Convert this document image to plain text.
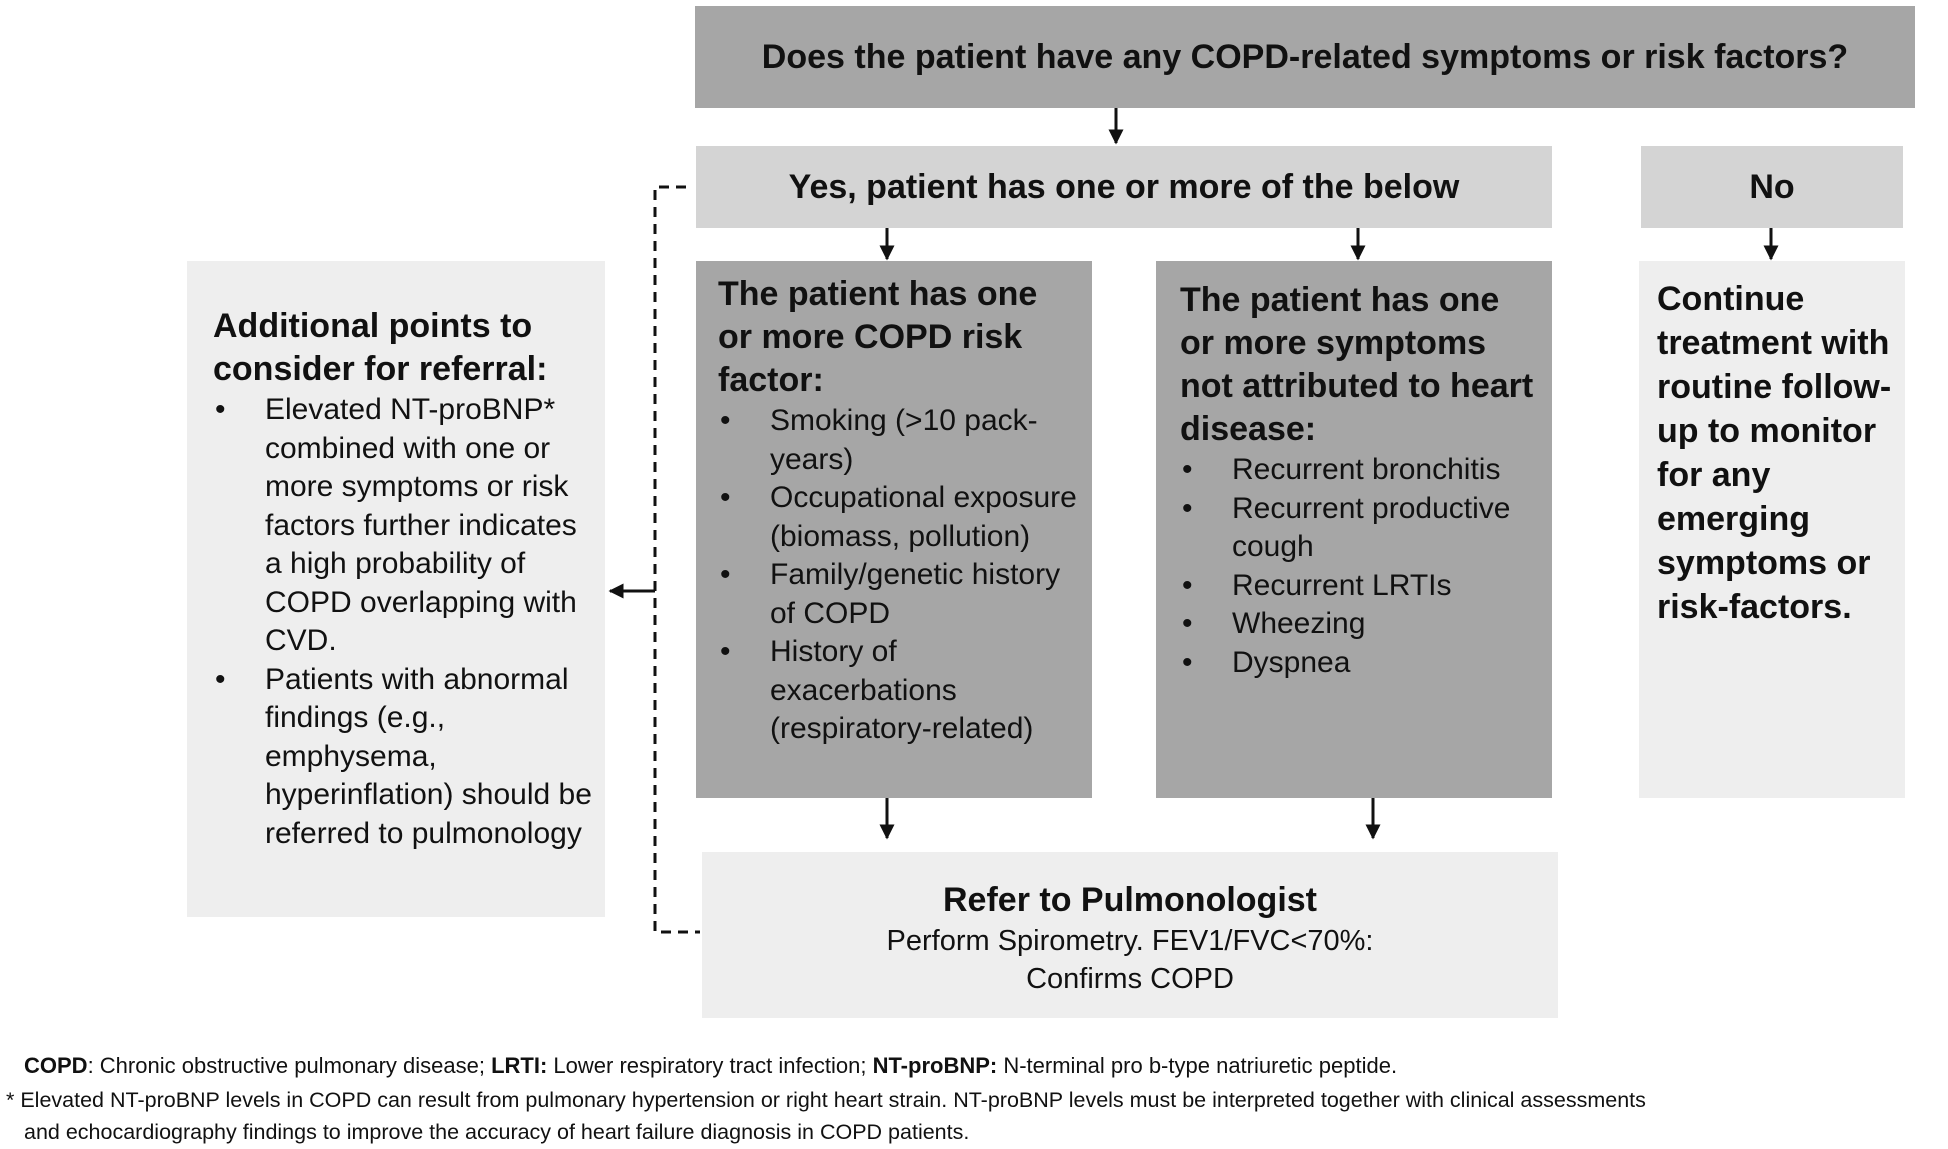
Does the patient have any COPD-related symptoms or risk factors?
Yes, patient has one or more of the below	No
The patient has one or more COPD risk factor:
• Smoking (>10 pack-years)
• Occupational exposure (biomass, pollution)
• Family/genetic history of COPD
• History of exacerbations (respiratory-related)
The patient has one or more symptoms not attributed to heart disease:
• Recurrent bronchitis
• Recurrent productive cough
• Recurrent LRTIs
• Wheezing
• Dyspnea
Continue treatment with routine follow-up to monitor for any emerging symptoms or risk-factors.
Additional points to consider for referral:
• Elevated NT-proBNP* combined with one or more symptoms or risk factors further indicates a high probability of COPD overlapping with CVD.
• Patients with abnormal findings (e.g., emphysema, hyperinflation) should be referred to pulmonology
Refer to Pulmonologist
Perform Spirometry. FEV1/FVC<70%:
Confirms COPD
COPD: Chronic obstructive pulmonary disease; LRTI: Lower respiratory tract infection; NT-proBNP: N-terminal pro b-type natriuretic peptide.
* Elevated NT-proBNP levels in COPD can result from pulmonary hypertension or right heart strain. NT-proBNP levels must be interpreted together with clinical assessments
and echocardiography findings to improve the accuracy of heart failure diagnosis in COPD patients.
